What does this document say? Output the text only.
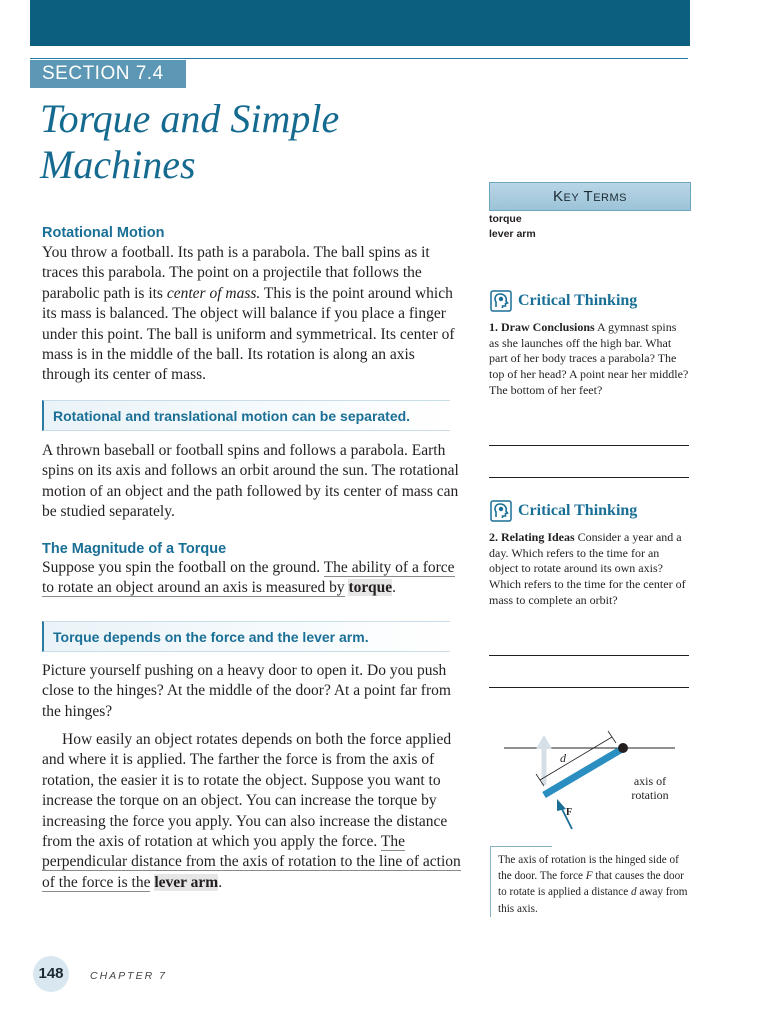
SECTION 7.4
Torque and Simple Machines
Rotational Motion

You throw a football. Its path is a parabola. The ball spins as it traces this parabola. The point on a projectile that follows the parabolic path is its center of mass. This is the point around which its mass is balanced. The object will balance if you place a finger under this point. The ball is uniform and symmetrical. Its center of mass is in the middle of the ball. Its rotation is along an axis through its center of mass.

Rotational and translational motion can be separated.

A thrown baseball or football spins and follows a parabola. Earth spins on its axis and follows an orbit around the sun. The rotational motion of an object and the path followed by its center of mass can be studied separately.

The Magnitude of a Torque

Suppose you spin the football on the ground. The ability of a force to rotate an object around an axis is measured by torque.

Torque depends on the force and the lever arm.

Picture yourself pushing on a heavy door to open it. Do you push close to the hinges? At the middle of the door? At a point far from the hinges?

How easily an object rotates depends on both the force applied and where it is applied. The farther the force is from the axis of rotation, the easier it is to rotate the object. Suppose you want to increase the torque on an object. You can increase the torque by increasing the force you apply. You can also increase the distance from the axis of rotation at which you apply the force. The perpendicular distance from the axis of rotation to the line of action of the force is the lever arm.

Key Terms
torque
lever arm
Critical Thinking

1. Draw Conclusions A gymnast spins as she launches off the high bar. What part of her body traces a parabola? The top of her head? A point near her middle? The bottom of her feet?

Critical Thinking

2. Relating Ideas Consider a year and a day. Which refers to the time for an object to rotate around its own axis? Which refers to the time for the center of mass to complete an orbit?

d
F
axis of
rotation
The axis of rotation is the hinged side of the door. The force F that causes the door to rotate is applied a distance d away from this axis.
148	CHAPTER 7
